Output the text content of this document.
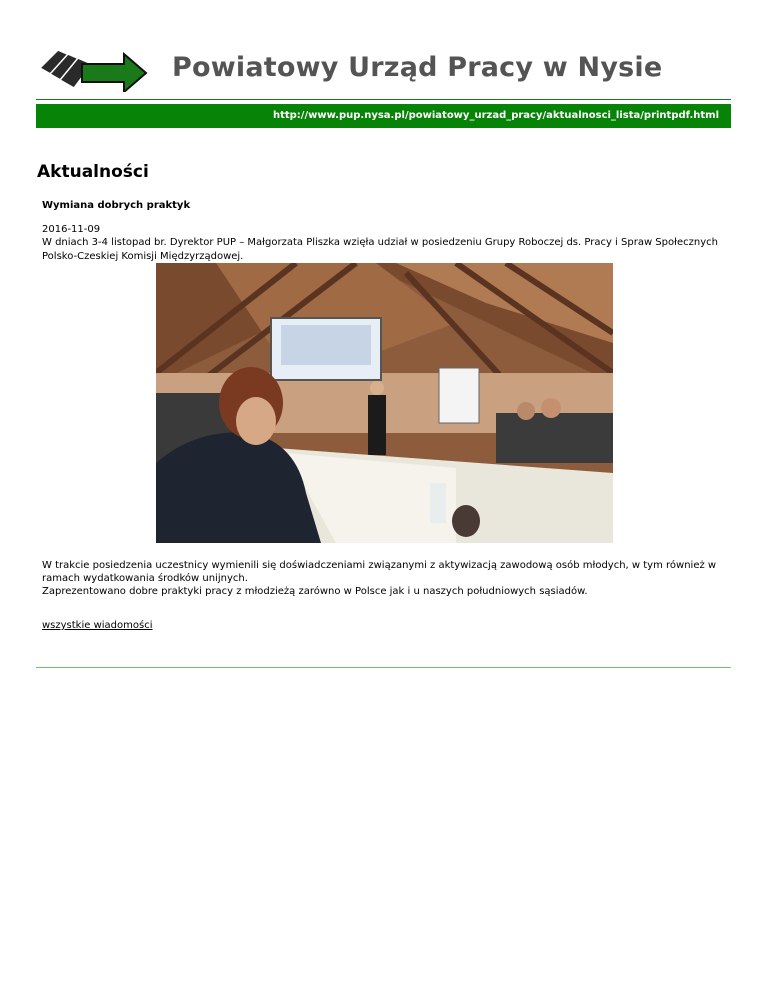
Powiatowy Urząd Pracy w Nysie
http://www.pup.nysa.pl/powiatowy_urzad_pracy/aktualnosci_lista/printpdf.html
Aktualności
Wymiana dobrych praktyk
2016-11-09
W dniach 3-4 listopad br. Dyrektor PUP – Małgorzata Pliszka wzięła udział w posiedzeniu Grupy Roboczej ds. Pracy i Spraw Społecznych Polsko-Czeskiej Komisji Międzyrządowej.

W trakcie posiedzenia uczestnicy wymienili się doświadczeniami związanymi z aktywizacją zawodową osób młodych, w tym również w ramach wydatkowania środków unijnych.

Zaprezentowano dobre praktyki pracy z młodzieżą zarówno w Polsce jak i u naszych południowych sąsiadów.

wszystkie wiadomości
